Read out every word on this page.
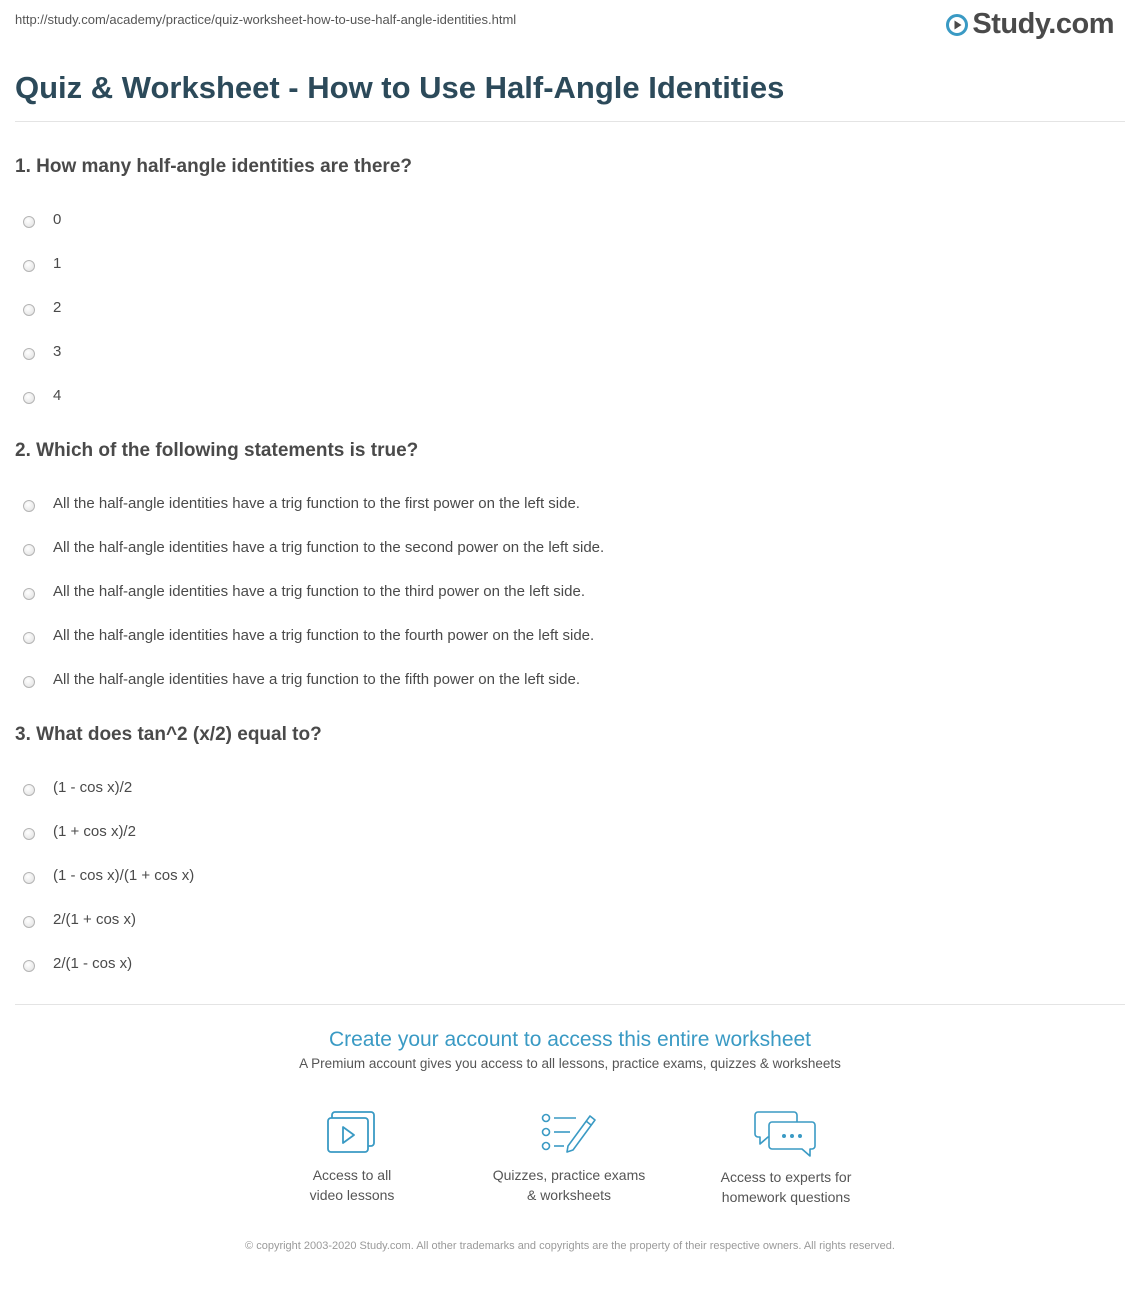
http://study.com/academy/practice/quiz-worksheet-how-to-use-half-angle-identities.html	Study.com
Quiz & Worksheet - How to Use Half-Angle Identities
1. How many half-angle identities are there?
0
1
2
3
4
2. Which of the following statements is true?
All the half-angle identities have a trig function to the first power on the left side.
All the half-angle identities have a trig function to the second power on the left side.
All the half-angle identities have a trig function to the third power on the left side.
All the half-angle identities have a trig function to the fourth power on the left side.
All the half-angle identities have a trig function to the fifth power on the left side.
3. What does tan^2 (x/2) equal to?
(1 - cos x)/2
(1 + cos x)/2
(1 - cos x)/(1 + cos x)
2/(1 + cos x)
2/(1 - cos x)
Create your account to access this entire worksheet
A Premium account gives you access to all lessons, practice exams, quizzes & worksheets
Access to all
video lessons
Quizzes, practice exams
& worksheets
Access to experts for
homework questions
© copyright 2003-2020 Study.com. All other trademarks and copyrights are the property of their respective owners. All rights reserved.
